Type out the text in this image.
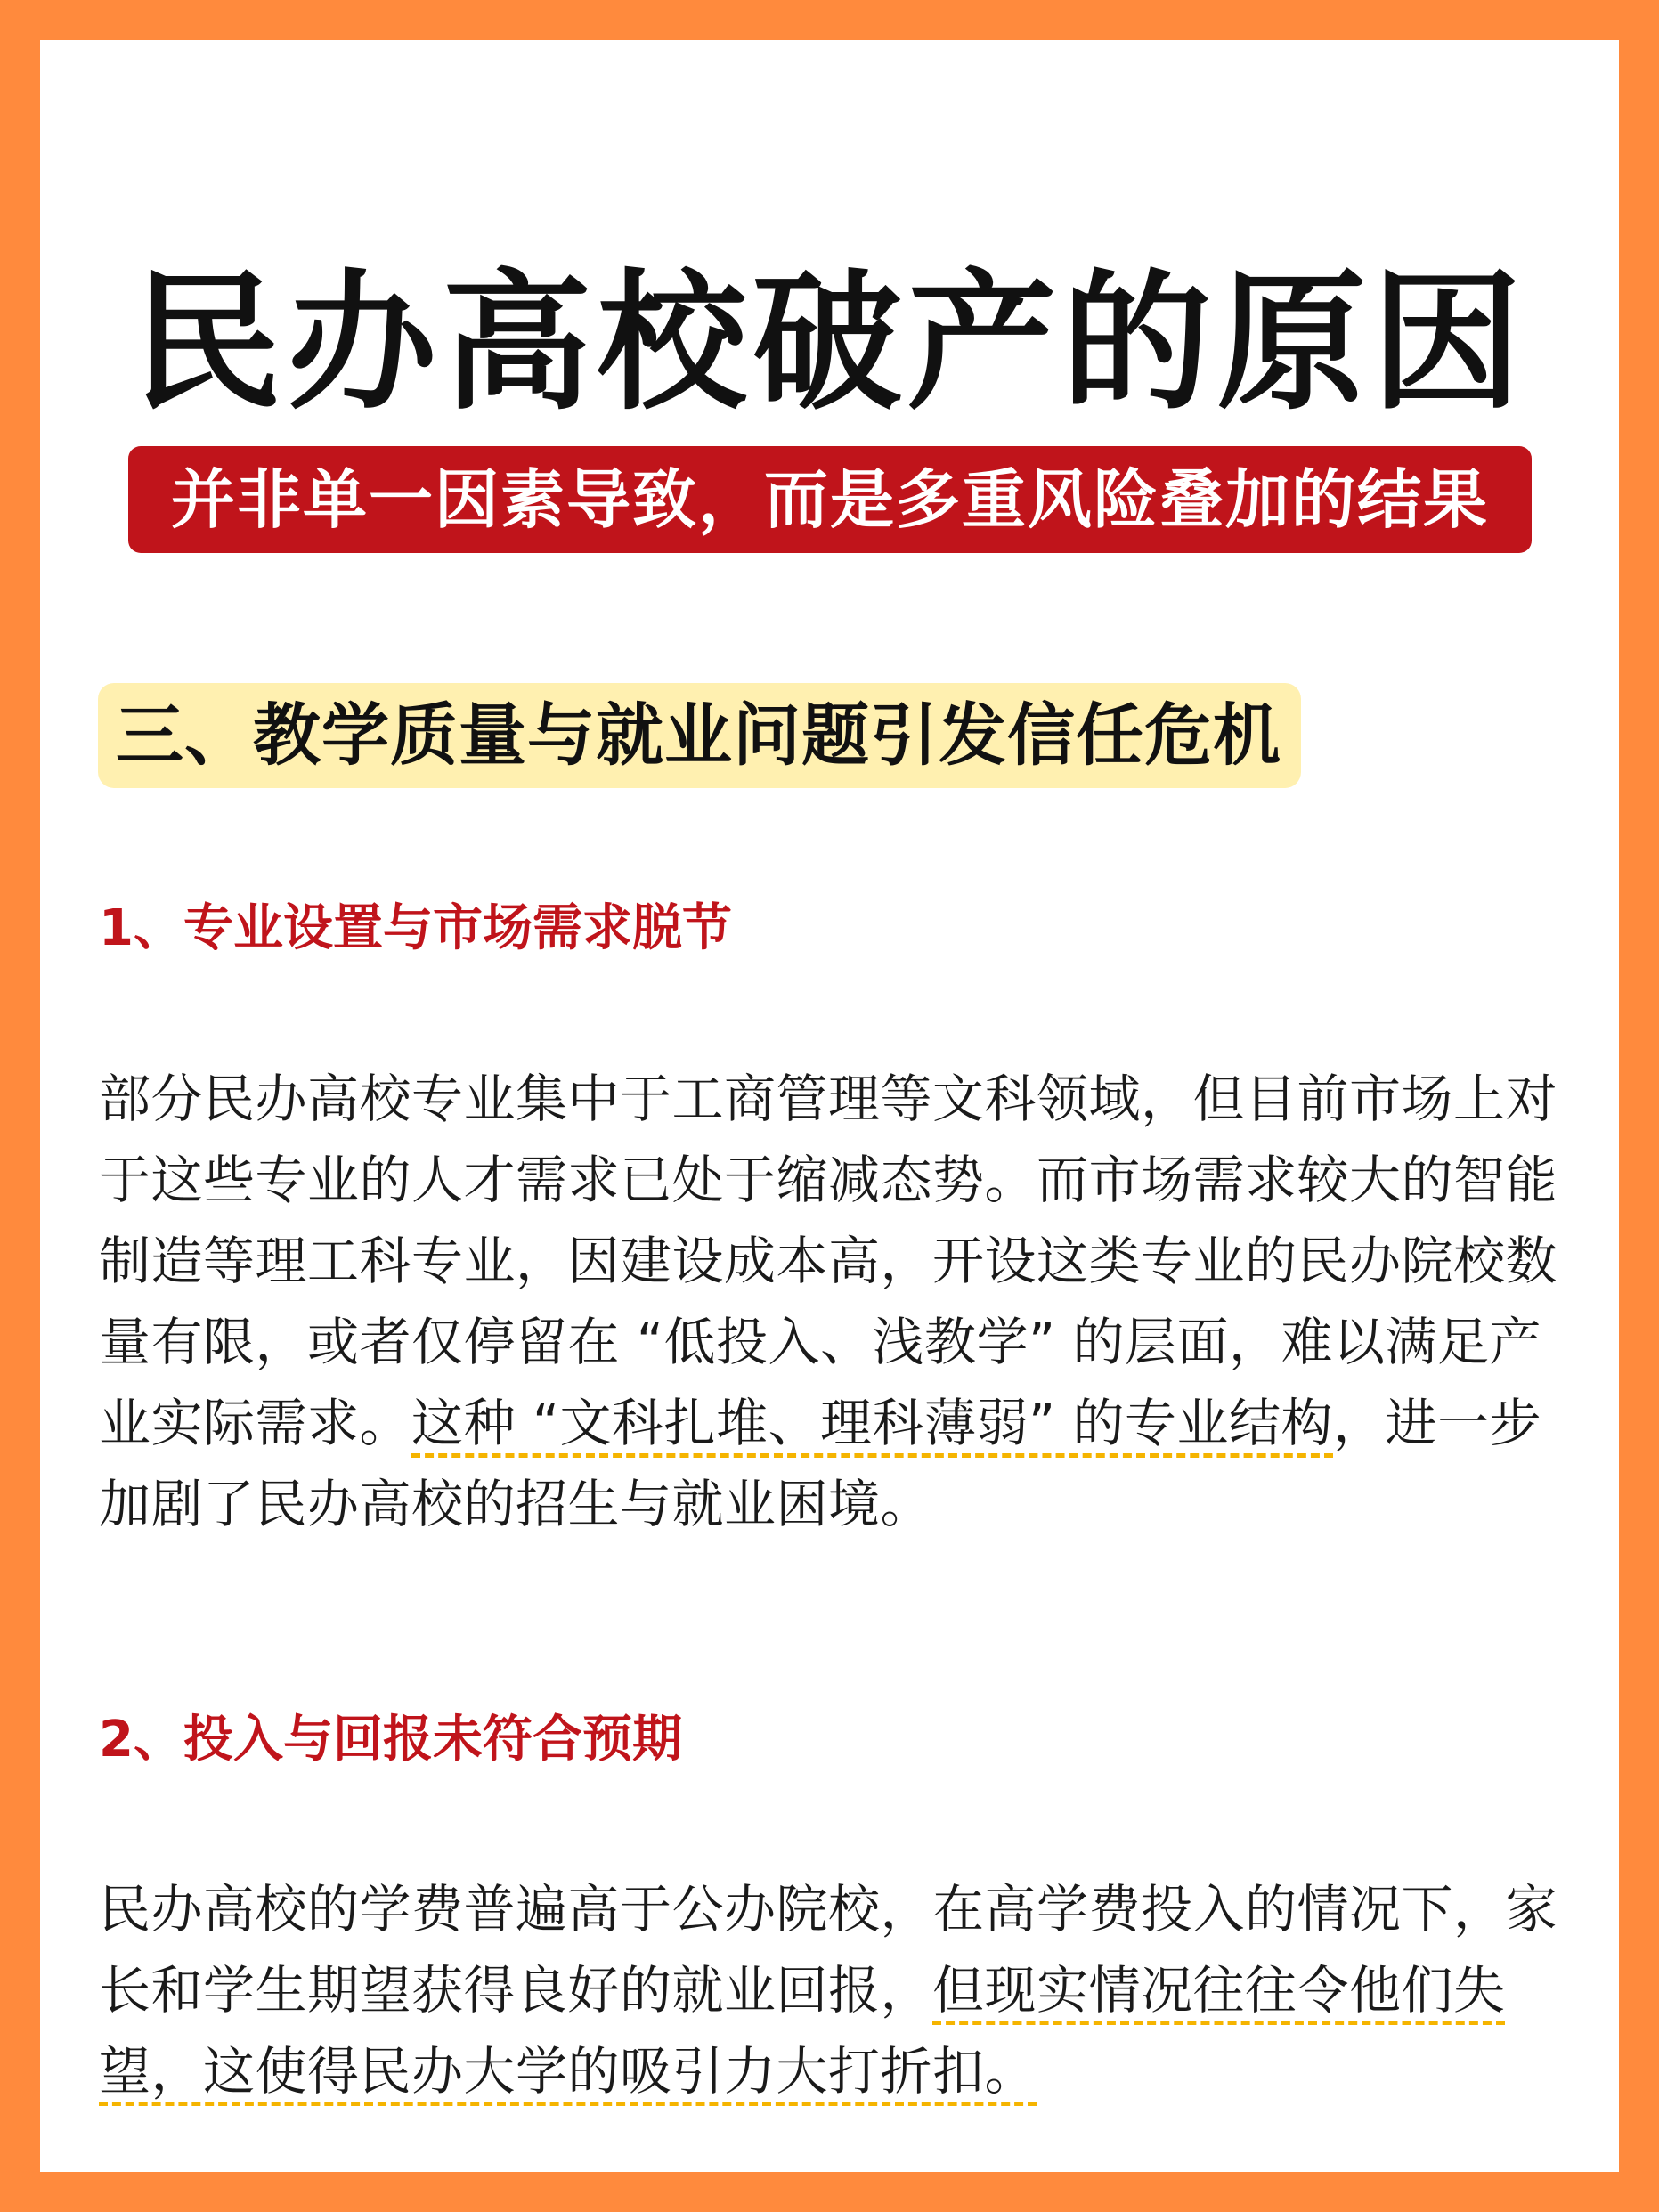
民办高校破产的原因
并非单一因素导致，而是多重风险叠加的结果
三、教学质量与就业问题引发信任危机
1、专业设置与市场需求脱节

部分民办高校专业集中于工商管理等文科领域，但目前市场上对于这些专业的人才需求已处于缩减态势。而市场需求较大的智能制造等理工科专业，因建设成本高，开设这类专业的民办院校数量有限，或者仅停留在 “低投入、浅教学” 的层面，难以满足产业实际需求。这种 “文科扎堆、理科薄弱” 的专业结构，进一步加剧了民办高校的招生与就业困境。

2、投入与回报未符合预期

民办高校的学费普遍高于公办院校，在高学费投入的情况下，家长和学生期望获得良好的就业回报，但现实情况往往令他们失望，这使得民办大学的吸引力大打折扣。
